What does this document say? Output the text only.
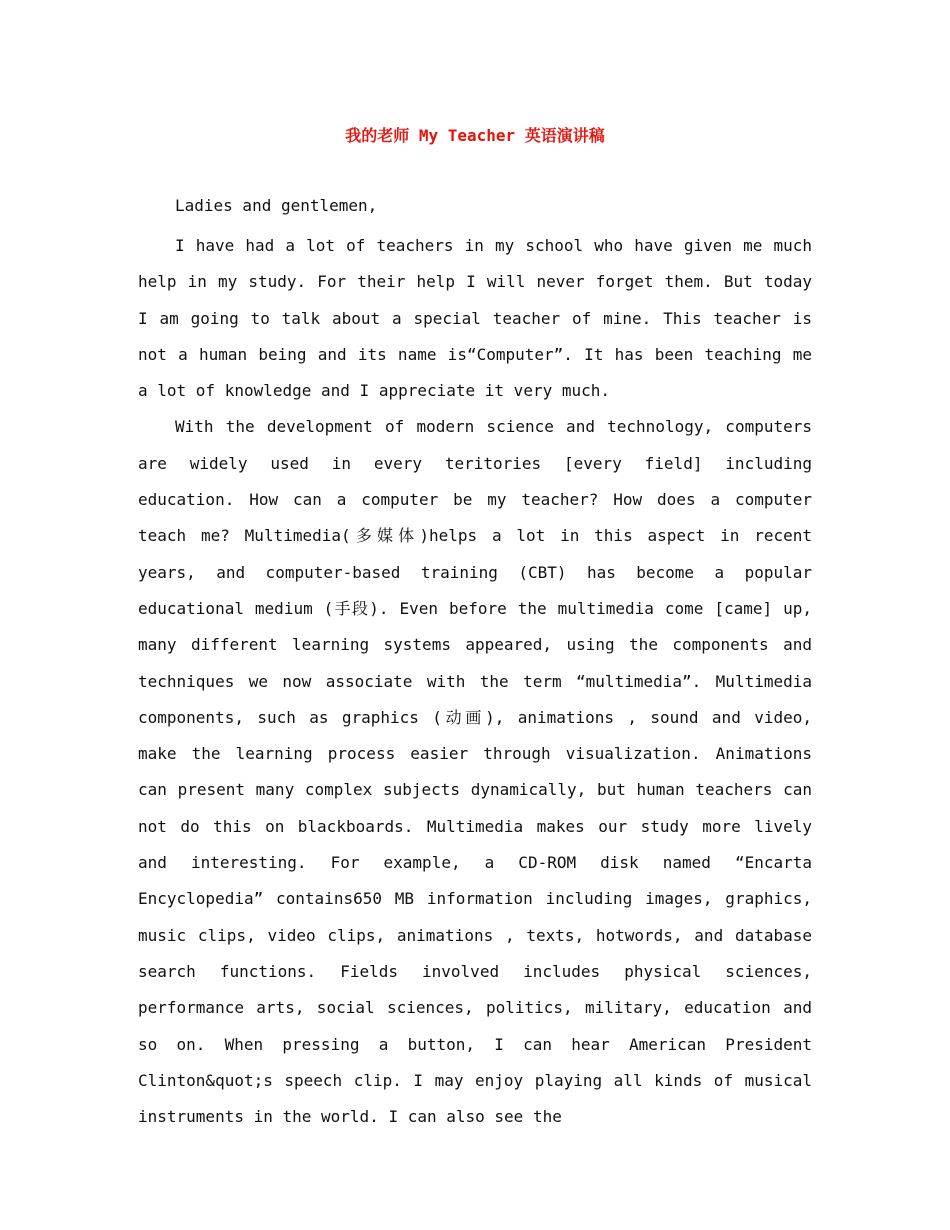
我的老师 My Teacher 英语演讲稿

Ladies and gentlemen,

I have had a lot of teachers in my school who have given me much help in my study. For their help I will never forget them. But today I am going to talk about a special teacher of mine. This teacher is not a human being and its name is“Computer”. It has been teaching me a lot of knowledge and I appreciate it very much.

With the development of modern science and technology, computers are widely used in every teritories [every field] including education. How can a computer be my teacher? How does a computer teach me? Multimedia(多媒体)helps a lot in this aspect in recent years, and computer-based training (CBT) has become a popular educational medium (手段). Even before the multimedia come [came] up, many different learning systems appeared, using the components and techniques we now associate with the term “multimedia”. Multimedia components, such as graphics (动画), animations , sound and video, make the learning process easier through visualization. Animations can present many complex subjects dynamically, but human teachers can not do this on blackboards. Multimedia makes our study more lively and interesting. For example, a CD-ROM disk named “Encarta Encyclopedia” contains650 MB information including images, graphics, music clips, video clips, animations , texts, hotwords, and database search functions. Fields involved includes physical sciences, performance arts, social sciences, politics, military, education and so on. When pressing a button, I can hear American President Clinton&quot;s speech clip. I may enjoy playing all kinds of musical instruments in the world. I can also see the
